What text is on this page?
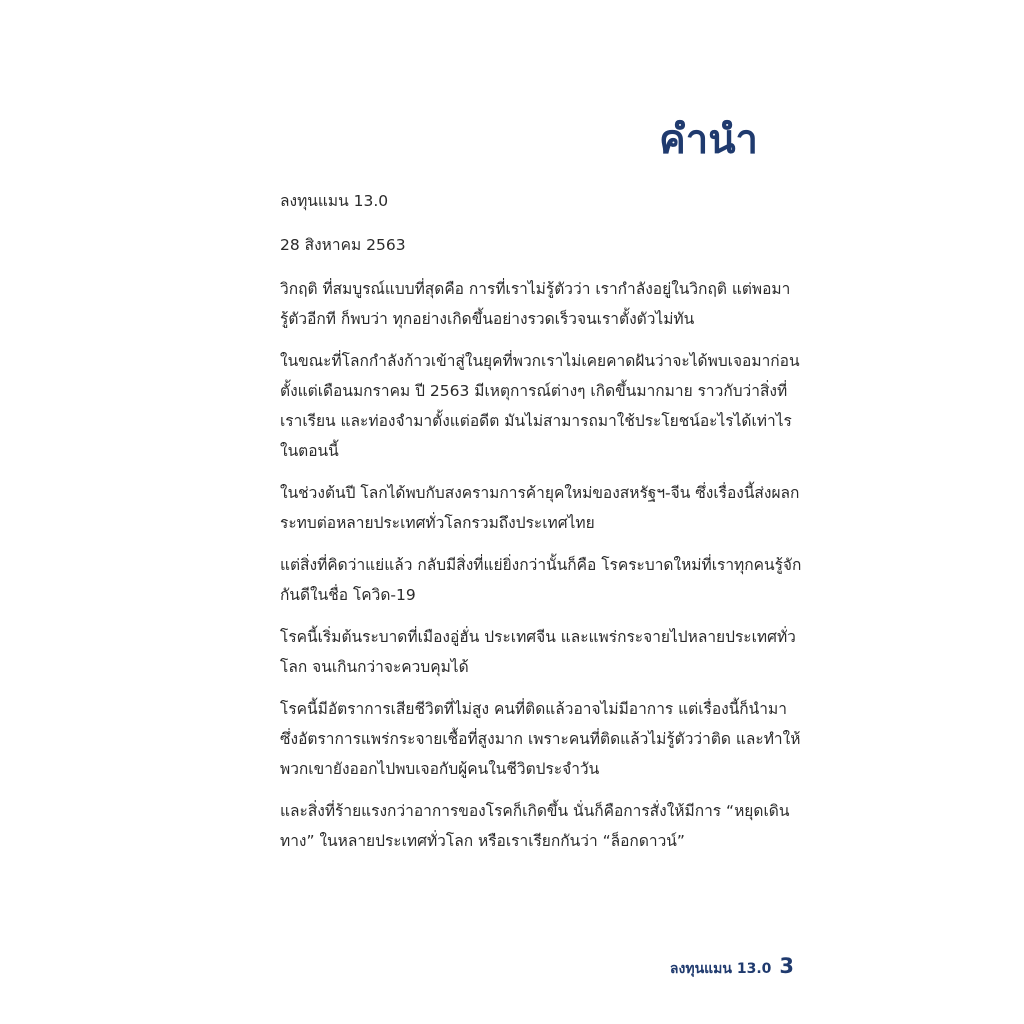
คำนำ

ลงทุนแมน 13.0

28 สิงหาคม 2563

วิกฤติ ที่สมบูรณ์แบบที่สุดคือ การที่เราไม่รู้ตัวว่า เรากำลังอยู่ในวิกฤติ แต่พอมารู้ตัวอีกที ก็พบว่า ทุกอย่างเกิดขึ้นอย่างรวดเร็วจนเราตั้งตัวไม่ทัน

ในขณะที่โลกกำลังก้าวเข้าสู่ในยุคที่พวกเราไม่เคยคาดฝันว่าจะได้พบเจอมาก่อน ตั้งแต่เดือนมกราคม ปี 2563 มีเหตุการณ์ต่างๆ เกิดขึ้นมากมาย ราวกับว่าสิ่งที่เราเรียน และท่องจำมาตั้งแต่อดีต มันไม่สามารถมาใช้ประโยชน์อะไรได้เท่าไรในตอนนี้

ในช่วงต้นปี โลกได้พบกับสงครามการค้ายุคใหม่ของสหรัฐฯ-จีน ซึ่งเรื่องนี้ส่งผลกระทบต่อหลายประเทศทั่วโลกรวมถึงประเทศไทย

แต่สิ่งที่คิดว่าแย่แล้ว กลับมีสิ่งที่แย่ยิ่งกว่านั้นก็คือ โรคระบาดใหม่ที่เราทุกคนรู้จักกันดีในชื่อ โควิด-19

โรคนี้เริ่มต้นระบาดที่เมืองอู่ฮั่น ประเทศจีน และแพร่กระจายไปหลายประเทศทั่วโลก จนเกินกว่าจะควบคุมได้

โรคนี้มีอัตราการเสียชีวิตที่ไม่สูง คนที่ติดแล้วอาจไม่มีอาการ แต่เรื่องนี้ก็นำมาซึ่งอัตราการแพร่กระจายเชื้อที่สูงมาก เพราะคนที่ติดแล้วไม่รู้ตัวว่าติด และทำให้พวกเขายังออกไปพบเจอกับผู้คนในชีวิตประจำวัน

และสิ่งที่ร้ายแรงกว่าอาการของโรคก็เกิดขึ้น นั่นก็คือการสั่งให้มีการ “หยุดเดินทาง” ในหลายประเทศทั่วโลก หรือเราเรียกกันว่า “ล็อกดาวน์”

ลงทุนแมน 13.0 3
